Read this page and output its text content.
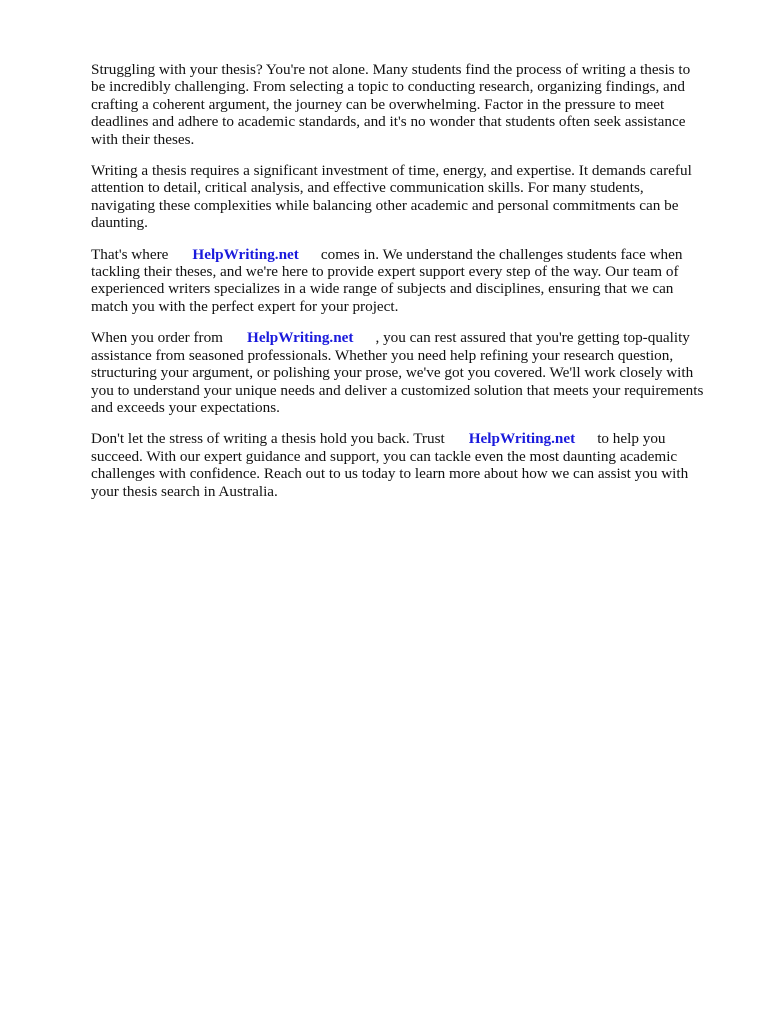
Struggling with your thesis? You're not alone. Many students find the process of writing a thesis to
be incredibly challenging. From selecting a topic to conducting research, organizing findings, and
crafting a coherent argument, the journey can be overwhelming. Factor in the pressure to meet
deadlines and adhere to academic standards, and it's no wonder that students often seek assistance
with their theses.

Writing a thesis requires a significant investment of time, energy, and expertise. It demands careful
attention to detail, critical analysis, and effective communication skills. For many students,
navigating these complexities while balancing other academic and personal commitments can be
daunting.

That's where HelpWriting.net comes in. We understand the challenges students face when
tackling their theses, and we're here to provide expert support every step of the way. Our team of
experienced writers specializes in a wide range of subjects and disciplines, ensuring that we can
match you with the perfect expert for your project.

When you order from HelpWriting.net , you can rest assured that you're getting top-quality
assistance from seasoned professionals. Whether you need help refining your research question,
structuring your argument, or polishing your prose, we've got you covered. We'll work closely with
you to understand your unique needs and deliver a customized solution that meets your requirements
and exceeds your expectations.

Don't let the stress of writing a thesis hold you back. Trust HelpWriting.net to help you
succeed. With our expert guidance and support, you can tackle even the most daunting academic
challenges with confidence. Reach out to us today to learn more about how we can assist you with
your thesis search in Australia.
